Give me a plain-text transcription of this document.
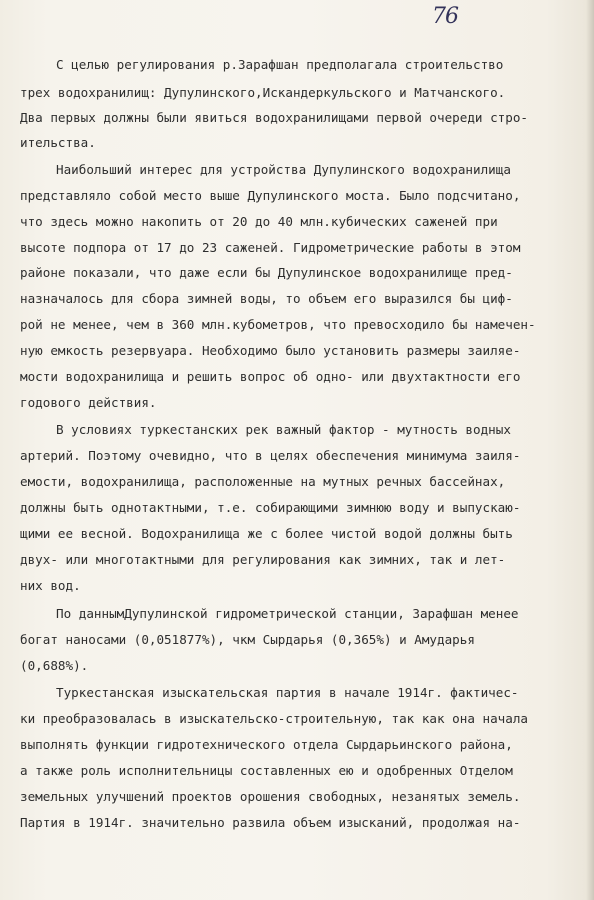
76
С целью регулирования р.Зарафшан предполагала строительство
трех водохранилищ: Дупулинского,Искандеркульского и Матчанского.
Два первых должны были явиться водохранилищами первой очереди стро-
ительства.
Наибольший интерес для устройства Дупулинского водохранилища
представляло собой место выше Дупулинского моста. Было подсчитано,
что здесь можно накопить от 20 до 40 млн.кубических саженей при
высоте подпора от 17 до 23 саженей. Гидрометрические работы в этом
районе показали, что даже если бы Дупулинское водохранилище пред-
назначалось для сбора зимней воды, то объем его выразился бы циф-
рой не менее, чем в 360 млн.кубометров, что превосходило бы намечен-
ную емкость резервуара. Необходимо было установить размеры заиляе-
мости водохранилища и решить вопрос об одно- или двухтактности его
годового действия.
В условиях туркестанских рек важный фактор - мутность водных
артерий. Поэтому очевидно, что в целях обеспечения минимума заиля-
емости, водохранилища, расположенные на мутных речных бассейнах,
должны быть однотактными, т.е. собирающими зимнюю воду и выпускаю-
щими ее весной. Водохранилища же с более чистой водой должны быть
двух- или многотактными для регулирования как зимних, так и лет-
них вод.
По даннымДупулинской гидрометрической станции, Зарафшан менее
богат наносами (0,051877%), чкм Сырдарья (0,365%) и Амударья
(0,688%).
Туркестанская изыскательская партия в начале 1914г. фактичес-
ки преобразовалась в изыскательско-строительную, так как она начала
выполнять функции гидротехнического отдела Сырдарьинского района,
а также роль исполнительницы составленных ею и одобренных Отделом
земельных улучшений проектов орошения свободных, незанятых земель.
Партия в 1914г. значительно развила объем изысканий, продолжая на-
